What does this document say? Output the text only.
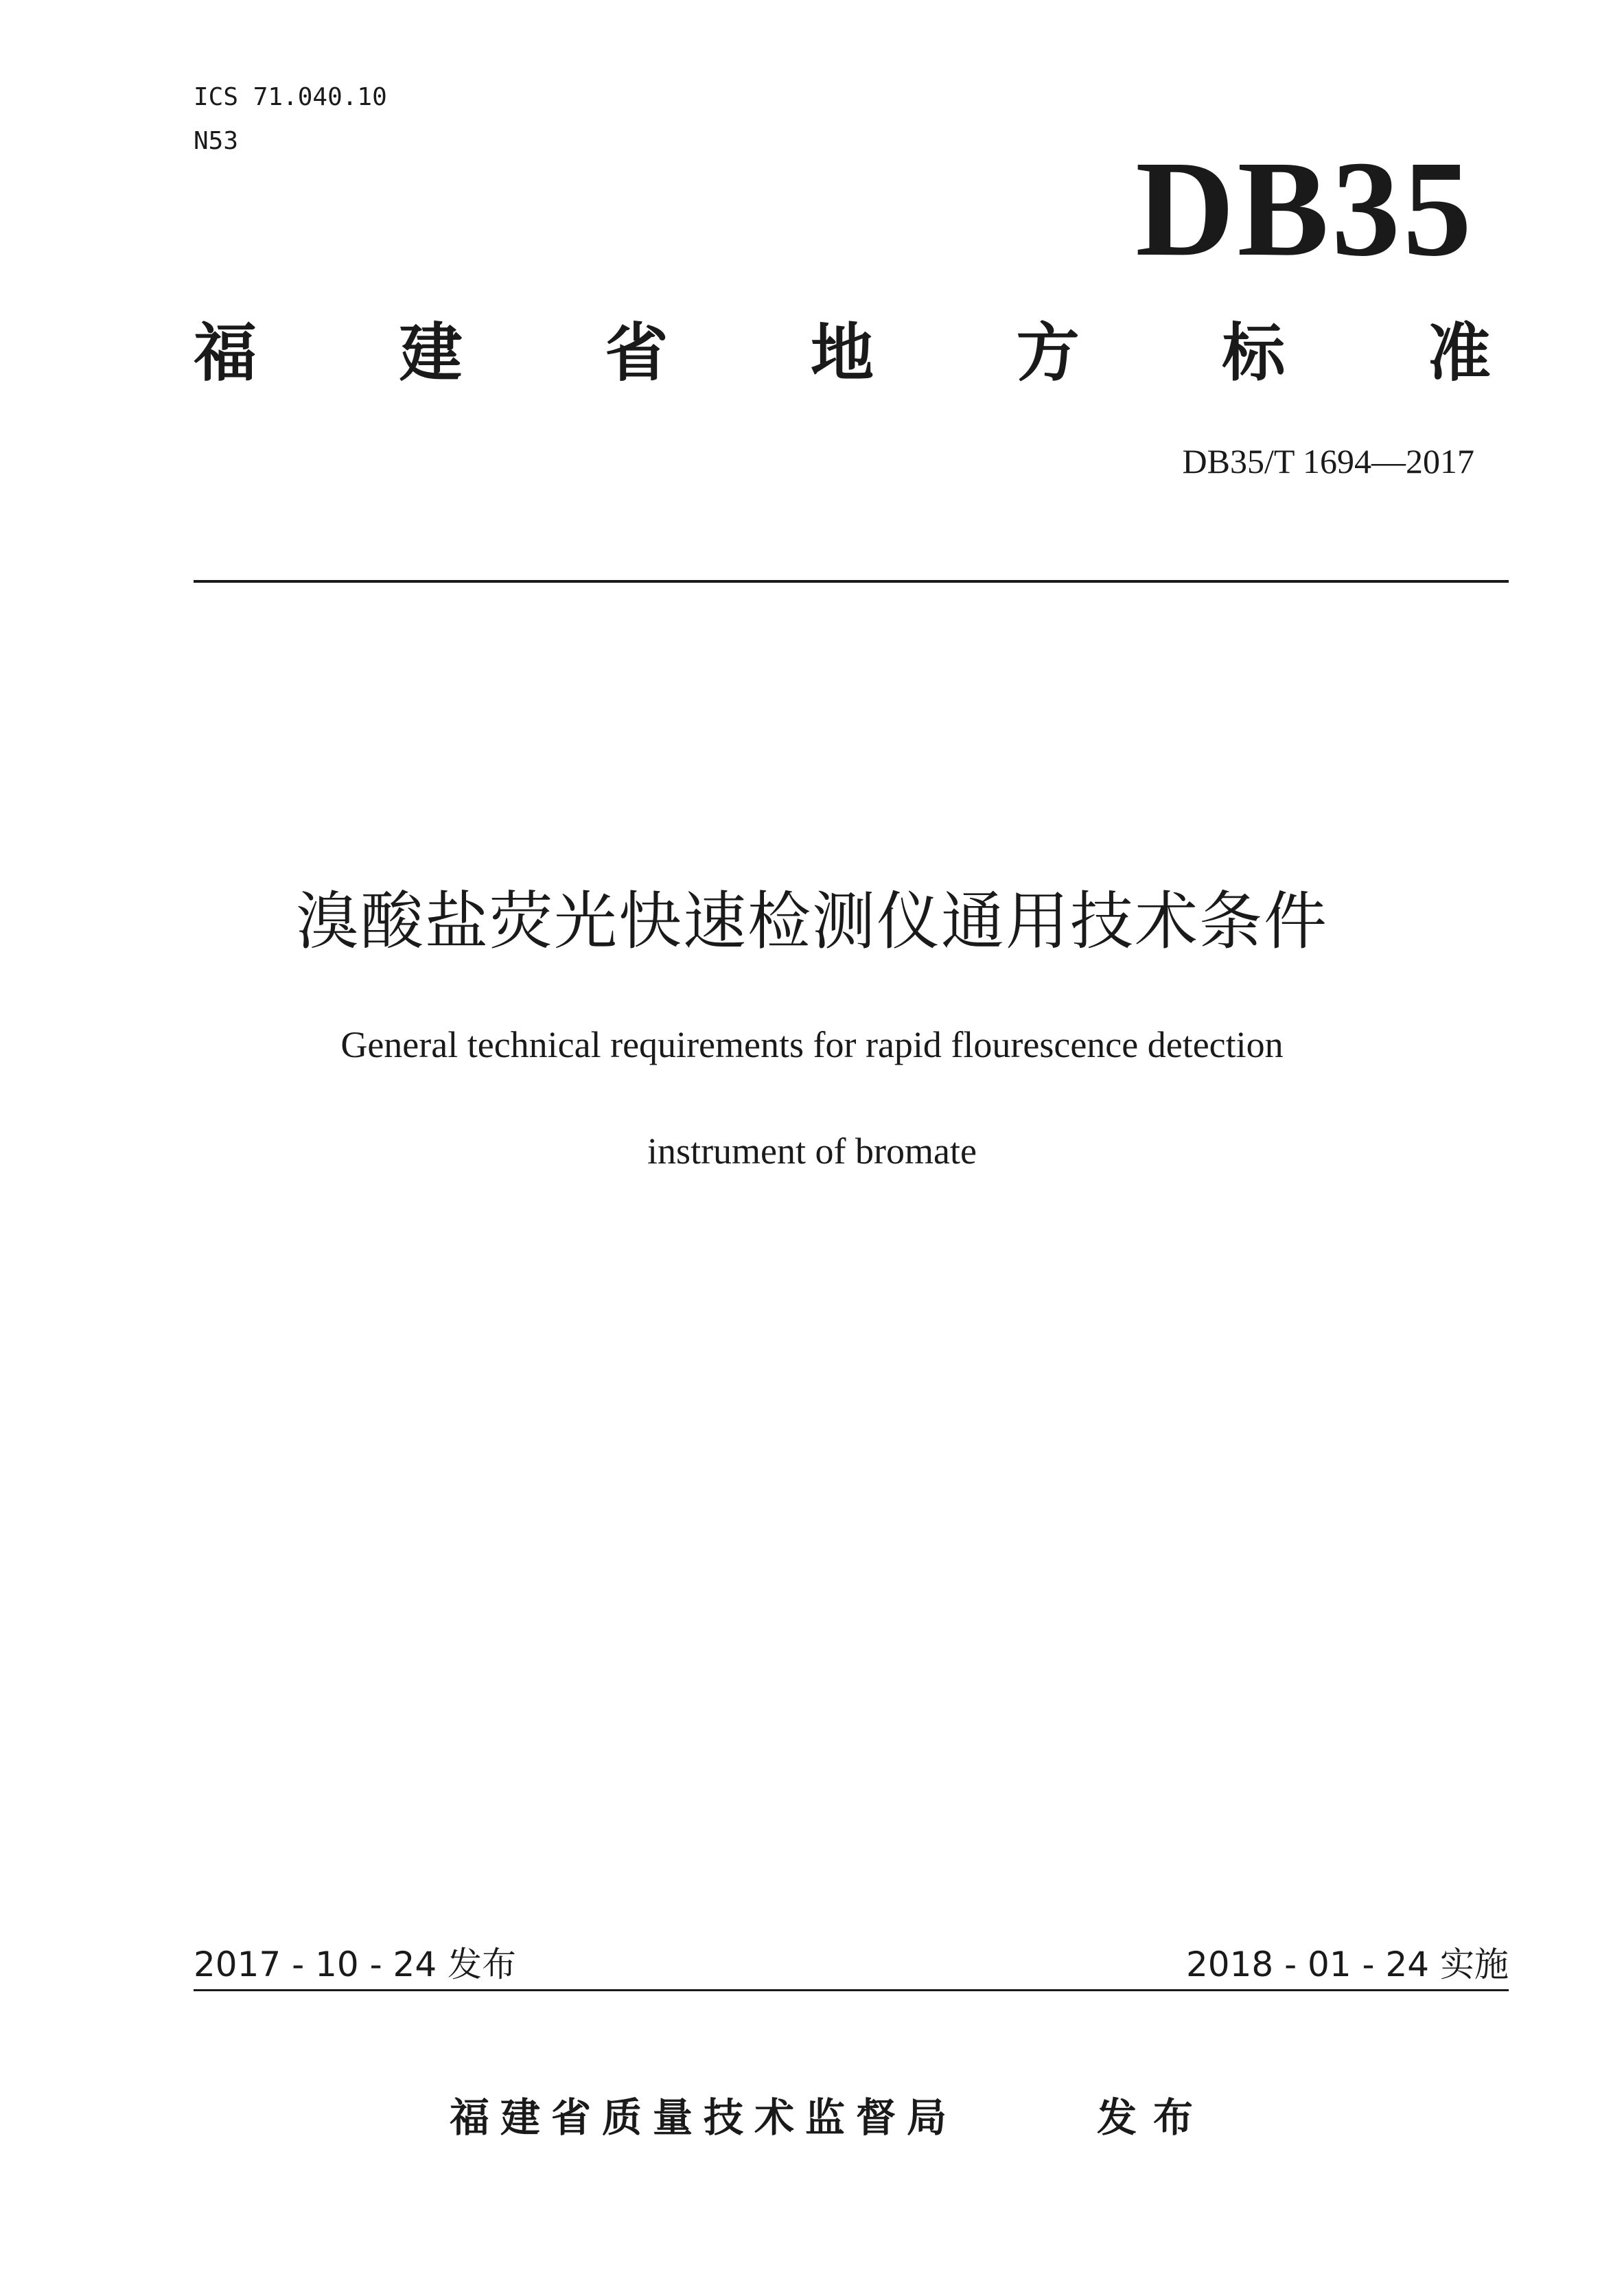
ICS 71.040.10
N53	DB35
福 建 省 地 方 标 准
DB35/T 1694—2017
溴酸盐荧光快速检测仪通用技术条件
General technical requirements for rapid flourescence detection
instrument of bromate
2017 - 10 - 24 发布	2018 - 01 - 24 实施
福建省质量技术监督局	发布
